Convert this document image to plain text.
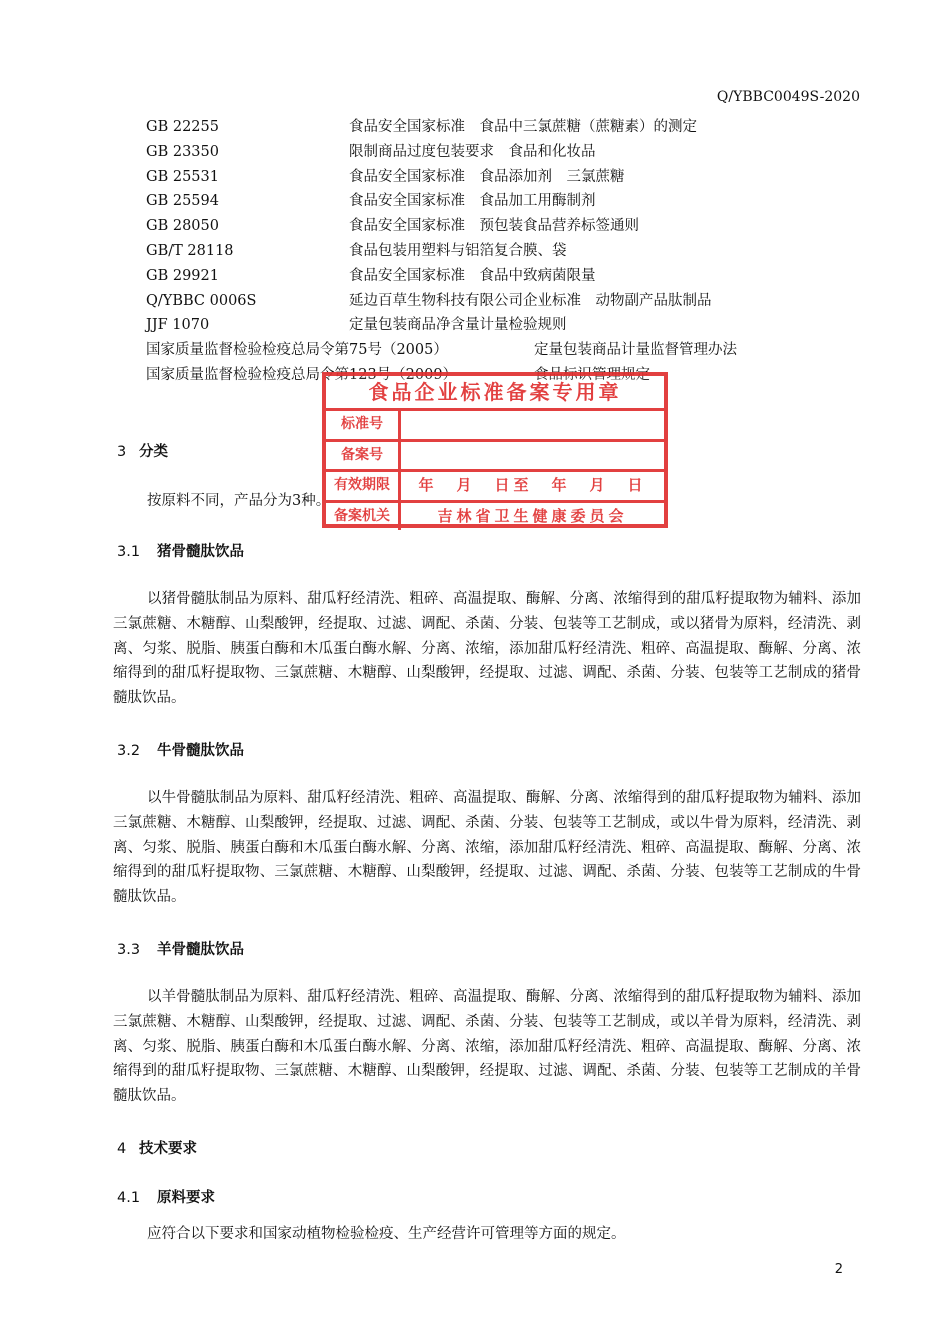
Q/YBBC0049S-2020
GB 22255	食品安全国家标准　食品中三氯蔗糖（蔗糖素）的测定
GB 23350	限制商品过度包装要求　食品和化妆品
GB 25531	食品安全国家标准　食品添加剂　三氯蔗糖
GB 25594	食品安全国家标准　食品加工用酶制剂
GB 28050	食品安全国家标准　预包装食品营养标签通则
GB/T 28118	食品包装用塑料与铝箔复合膜、袋
GB 29921	食品安全国家标准　食品中致病菌限量
Q/YBBC 0006S	延边百草生物科技有限公司企业标准　动物副产品肽制品
JJF 1070	定量包装商品净含量计量检验规则
国家质量监督检验检疫总局令第75号（2005）	定量包装商品计量监督管理办法
国家质量监督检验检疫总局令第123号（2009）	食品标识管理规定
3 分类
按原料不同，产品分为3种。
3.1 猪骨髓肽饮品
以猪骨髓肽制品为原料、甜瓜籽经清洗、粗碎、高温提取、酶解、分离、浓缩得到的甜瓜籽提取物为辅料、添加三氯蔗糖、木糖醇、山梨酸钾，经提取、过滤、调配、杀菌、分装、包装等工艺制成，或以猪骨为原料，经清洗、剥离、匀浆、脱脂、胰蛋白酶和木瓜蛋白酶水解、分离、浓缩，添加甜瓜籽经清洗、粗碎、高温提取、酶解、分离、浓缩得到的甜瓜籽提取物、三氯蔗糖、木糖醇、山梨酸钾，经提取、过滤、调配、杀菌、分装、包装等工艺制成的猪骨髓肽饮品。
3.2 牛骨髓肽饮品
以牛骨髓肽制品为原料、甜瓜籽经清洗、粗碎、高温提取、酶解、分离、浓缩得到的甜瓜籽提取物为辅料、添加三氯蔗糖、木糖醇、山梨酸钾，经提取、过滤、调配、杀菌、分装、包装等工艺制成，或以牛骨为原料，经清洗、剥离、匀浆、脱脂、胰蛋白酶和木瓜蛋白酶水解、分离、浓缩，添加甜瓜籽经清洗、粗碎、高温提取、酶解、分离、浓缩得到的甜瓜籽提取物、三氯蔗糖、木糖醇、山梨酸钾，经提取、过滤、调配、杀菌、分装、包装等工艺制成的牛骨髓肽饮品。
3.3 羊骨髓肽饮品
以羊骨髓肽制品为原料、甜瓜籽经清洗、粗碎、高温提取、酶解、分离、浓缩得到的甜瓜籽提取物为辅料、添加三氯蔗糖、木糖醇、山梨酸钾，经提取、过滤、调配、杀菌、分装、包装等工艺制成，或以羊骨为原料，经清洗、剥离、匀浆、脱脂、胰蛋白酶和木瓜蛋白酶水解、分离、浓缩，添加甜瓜籽经清洗、粗碎、高温提取、酶解、分离、浓缩得到的甜瓜籽提取物、三氯蔗糖、木糖醇、山梨酸钾，经提取、过滤、调配、杀菌、分装、包装等工艺制成的羊骨髓肽饮品。
4 技术要求
4.1 原料要求
应符合以下要求和国家动植物检验检疫、生产经营许可管理等方面的规定。
食品企业标准备案专用章
标准号
备案号
有效期限	年　月　日至　年　月　日
备案机关	吉林省卫生健康委员会
2
